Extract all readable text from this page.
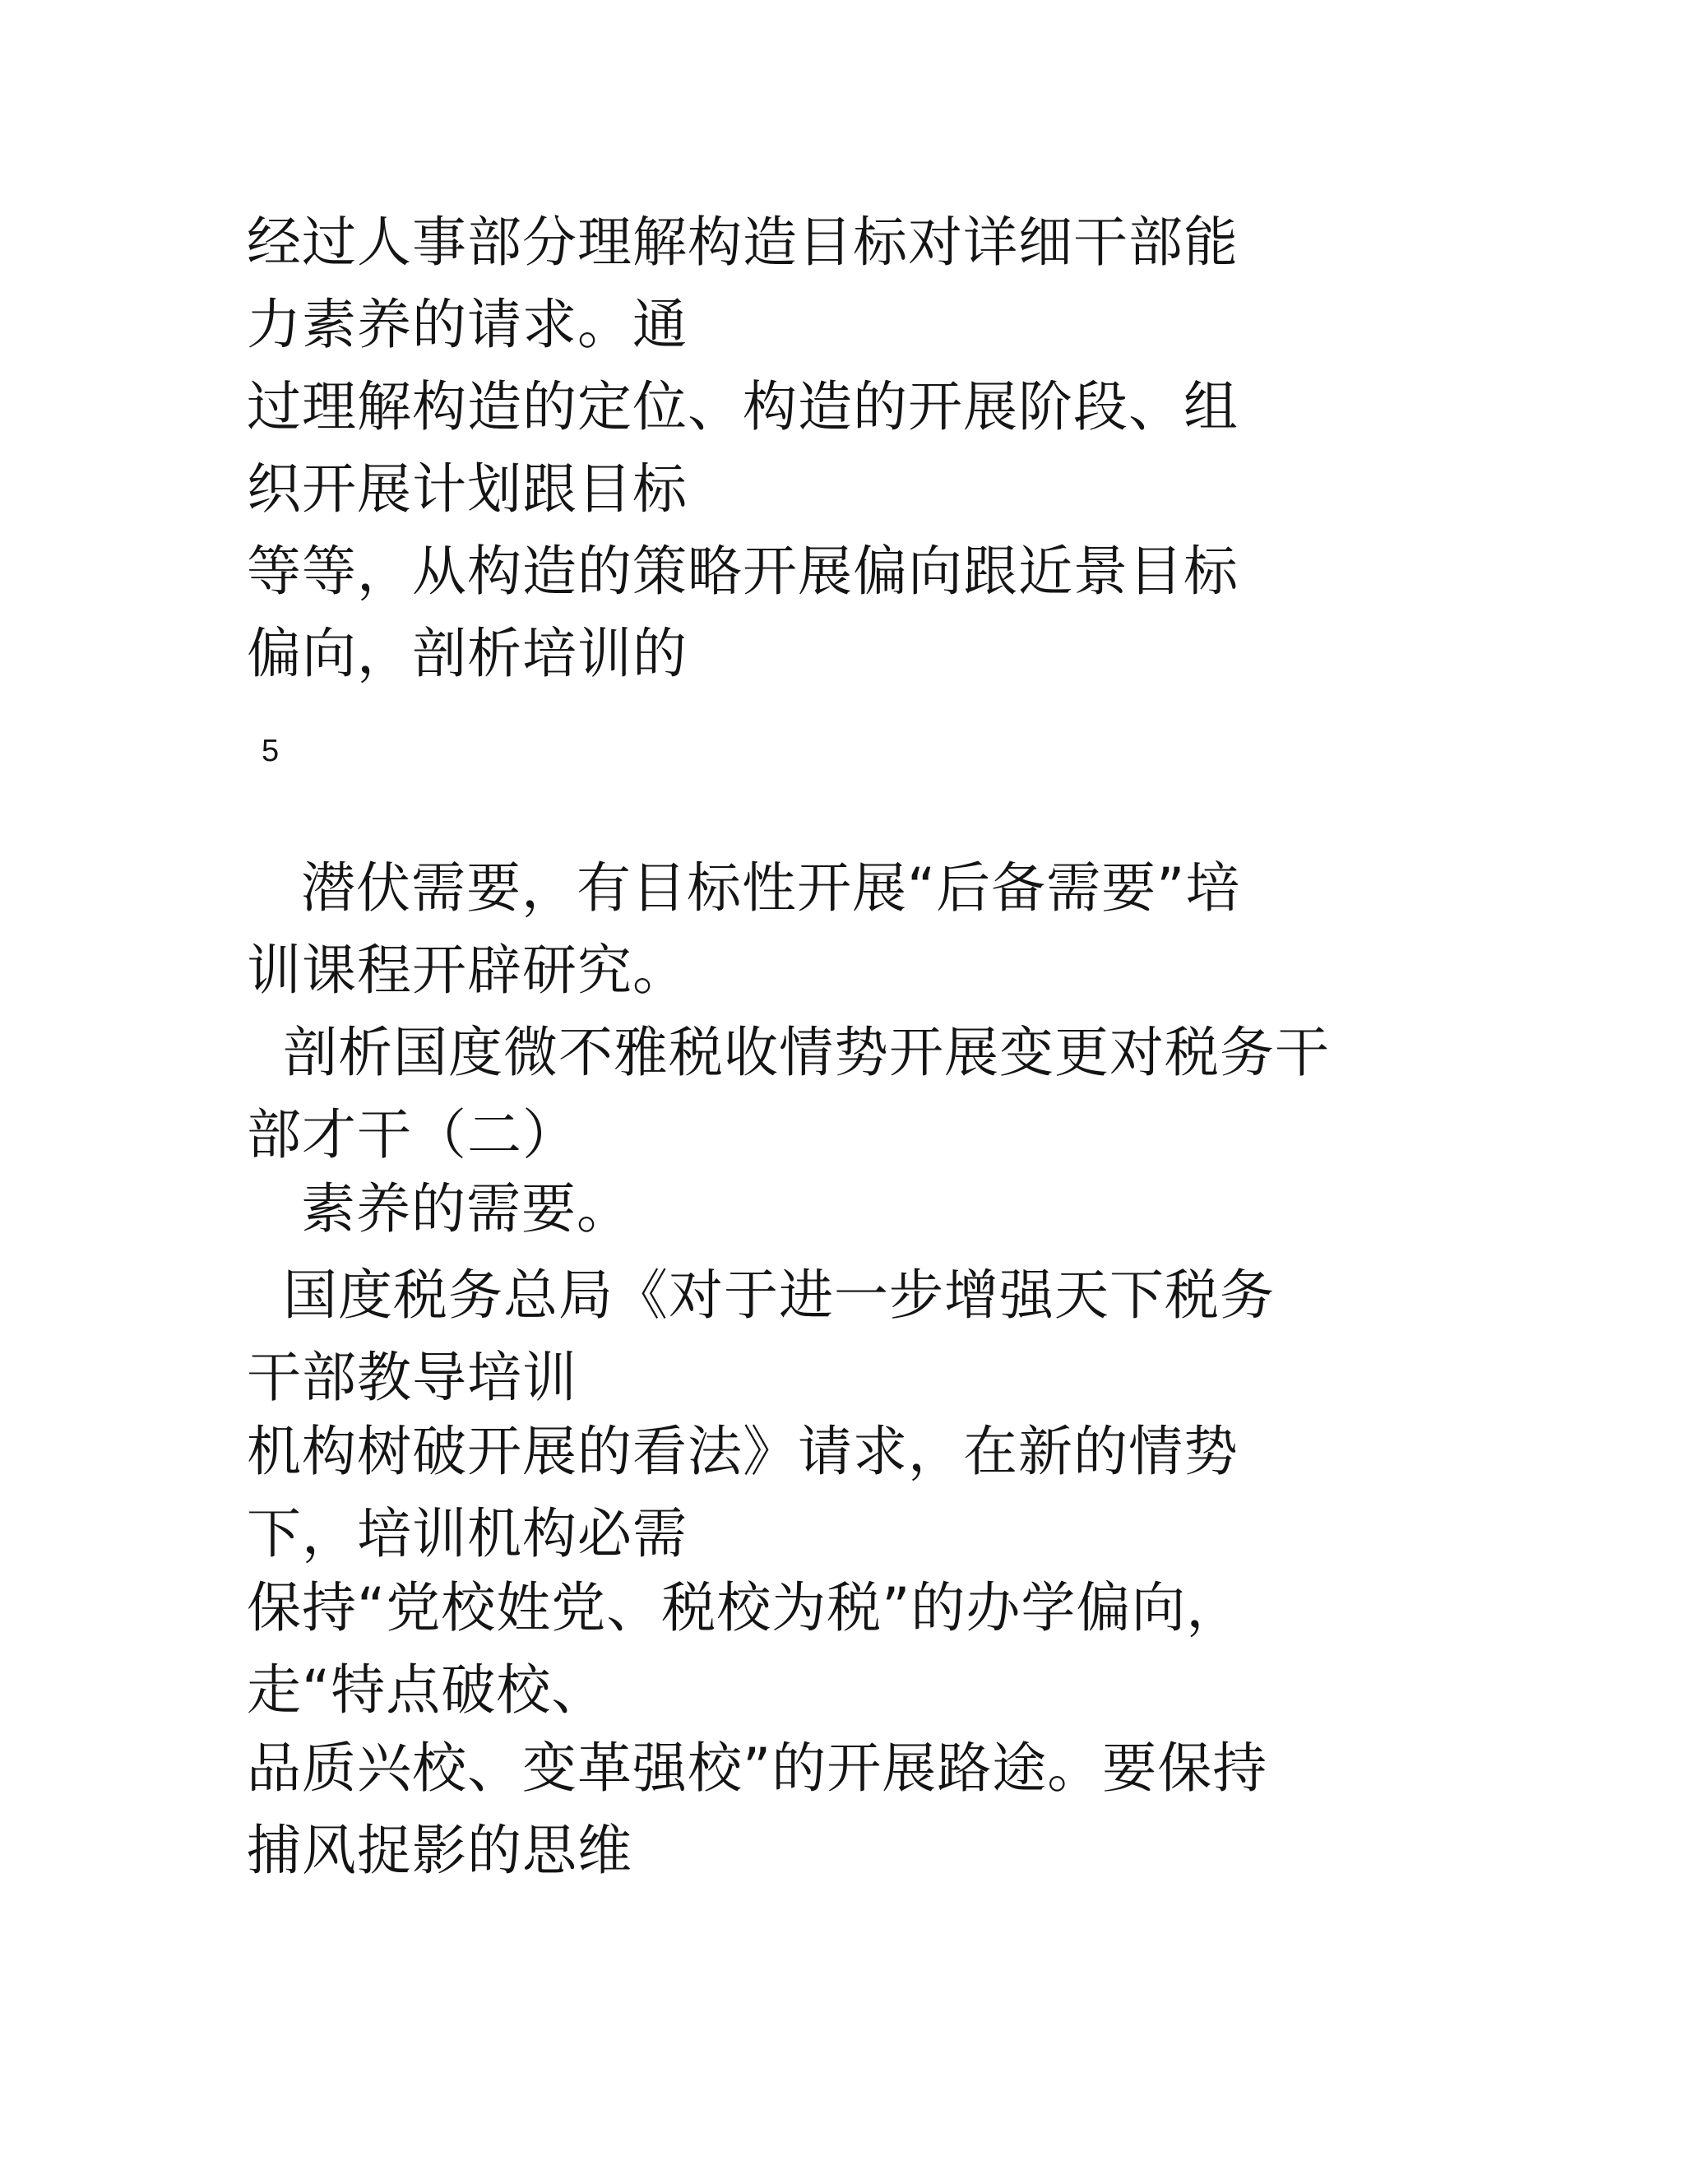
经过人事部分理解构造目标对详细干部能
力素养的请求。通

过理解构造的定位、构造的开展阶段、组
织开展计划跟目标

等等，从构造的策略开展偏向跟近景目标
偏向，剖析培训的

5

潜伏需要，有目标性开展“后备需要”培
训课程开辟研究。

剖析国度微不雅税收情势开展变更对税务干
部才干（二）

素养的需要。

国度税务总局《对于进一步增强天下税务
干部教导培训

机构树破开展的看法》请求，在新的情势
下，培训机构必需

保持“党校姓党、税校为税”的办学偏向，
走“特点破校、

品质兴校、变革强校”的开展路途。要保持
捕风捉影的思维
